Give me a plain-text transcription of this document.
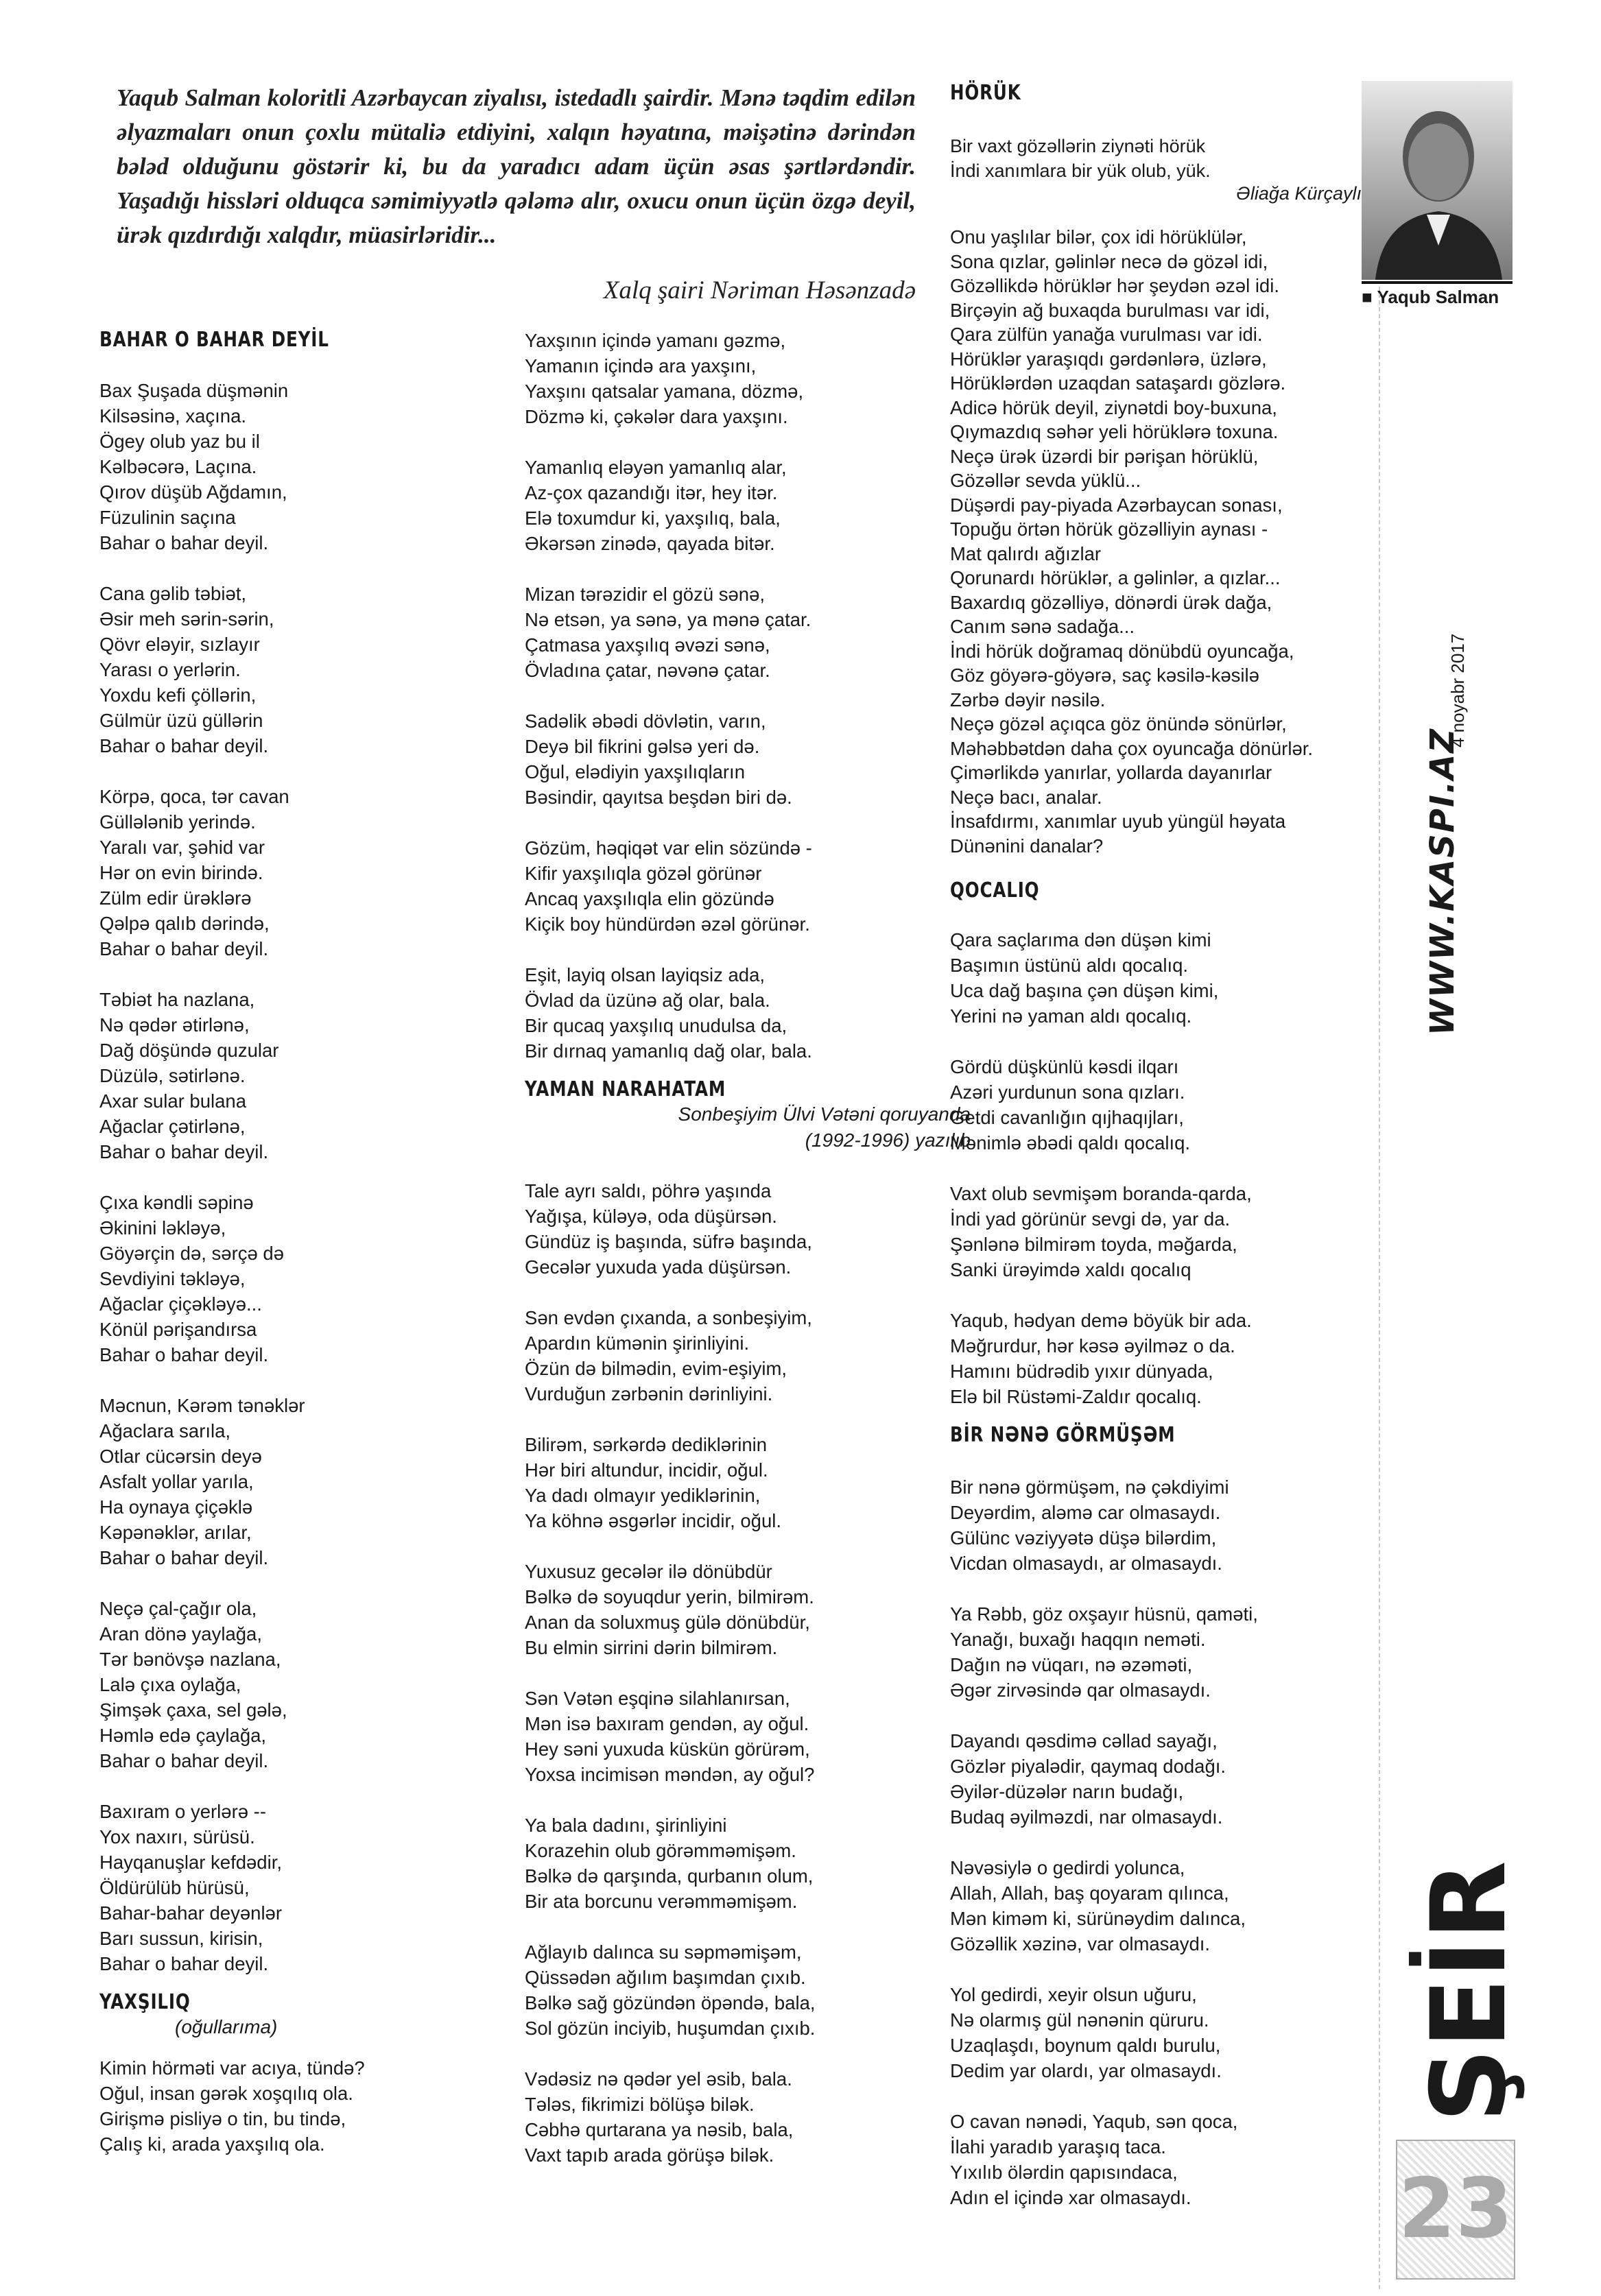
Yaqub Salman koloritli Azərbaycan ziyalısı, istedadlı şairdir. Mənə təqdim edilən əlyazmaları onun çoxlu mütaliə etdiyini, xalqın həyatına, məişətinə dərindən bələd olduğunu göstərir ki, bu da yaradıcı adam üçün əsas şərtlərdəndir. Yaşadığı hissləri olduqca səmimiyyətlə qələmə alır, oxucu onun üçün özgə deyil, ürək qızdırdığı xalqdır, müasirləridir...
Xalq şairi Nəriman Həsənzadə
BAHAR O BAHAR DEYİL

Bax Şuşada düşmənin
Kilsəsinə, xaçına.
Ögey olub yaz bu il
Kəlbəcərə, Laçına.
Qırov düşüb Ağdamın,
Füzulinin saçına
Bahar o bahar deyil.

Cana gəlib təbiət,
Əsir meh sərin-sərin,
Qövr eləyir, sızlayır
Yarası o yerlərin.
Yoxdu kefi çöllərin,
Gülmür üzü güllərin
Bahar o bahar deyil.

Körpə, qoca, tər cavan
Güllələnib yerində.
Yaralı var, şəhid var
Hər on evin birində.
Zülm edir ürəklərə
Qəlpə qalıb dərində,
Bahar o bahar deyil.

Təbiət ha nazlana,
Nə qədər ətirlənə,
Dağ döşündə quzular
Düzülə, sətirlənə.
Axar sular bulana
Ağaclar çətirlənə,
Bahar o bahar deyil.

Çıxa kəndli səpinə
Əkinini ləkləyə,
Göyərçin də, sərçə də
Sevdiyini təkləyə,
Ağaclar çiçəkləyə...
Könül pərişandırsa
Bahar o bahar deyil.

Məcnun, Kərəm tənəklər
Ağaclara sarıla,
Otlar cücərsin deyə
Asfalt yollar yarıla,
Ha oynaya çiçəklə
Kəpənəklər, arılar,
Bahar o bahar deyil.

Neçə çal-çağır ola,
Aran dönə yaylağa,
Tər bənövşə nazlana,
Lalə çıxa oylağa,
Şimşək çaxa, sel gələ,
Həmlə edə çaylağa,
Bahar o bahar deyil.

Baxıram o yerlərə --
Yox naxırı, sürüsü.
Hayqanuşlar kefdədir,
Öldürülüb hürüsü,
Bahar-bahar deyənlər
Barı sussun, kirisin,
Bahar o bahar deyil.

YAXŞILIQ

(oğullarıma)

Kimin hörməti var acıya, tündə?
Oğul, insan gərək xoşqılıq ola.
Girişmə pisliyə o tin, bu tində,
Çalış ki, arada yaxşılıq ola.

Yaxşının içində yamanı gəzmə,
Yamanın içində ara yaxşını,
Yaxşını qatsalar yamana, dözmə,
Dözmə ki, çəkələr dara yaxşını.

Yamanlıq eləyən yamanlıq alar,
Az-çox qazandığı itər, hey itər.
Elə toxumdur ki, yaxşılıq, bala,
Əkərsən zinədə, qayada bitər.

Mizan tərəzidir el gözü sənə,
Nə etsən, ya sənə, ya mənə çatar.
Çatmasa yaxşılıq əvəzi sənə,
Övladına çatar, nəvənə çatar.

Sadəlik əbədi dövlətin, varın,
Deyə bil fikrini gəlsə yeri də.
Oğul, elədiyin yaxşılıqların
Bəsindir, qayıtsa beşdən biri də.

Gözüm, həqiqət var elin sözündə -
Kifir yaxşılıqla gözəl görünər
Ancaq yaxşılıqla elin gözündə
Kiçik boy hündürdən əzəl görünər.

Eşit, layiq olsan layiqsiz ada,
Övlad da üzünə ağ olar, bala.
Bir qucaq yaxşılıq unudulsa da,
Bir dırnaq yamanlıq dağ olar, bala.

YAMAN NARAHATAM

Sonbeşiyim Ülvi Vətəni qoruyanda
(1992-1996) yazılıb

Tale ayrı saldı, pöhrə yaşında
Yağışa, küləyə, oda düşürsən.
Gündüz iş başında, süfrə başında,
Gecələr yuxuda yada düşürsən.

Sən evdən çıxanda, a sonbeşiyim,
Apardın kümənin şirinliyini.
Özün də bilmədin, evim-eşiyim,
Vurduğun zərbənin dərinliyini.

Bilirəm, sərkərdə dediklərinin
Hər biri altundur, incidir, oğul.
Ya dadı olmayır yediklərinin,
Ya köhnə əsgərlər incidir, oğul.

Yuxusuz gecələr ilə dönübdür
Bəlkə də soyuqdur yerin, bilmirəm.
Anan da soluxmuş gülə dönübdür,
Bu elmin sirrini dərin bilmirəm.

Sən Vətən eşqinə silahlanırsan,
Mən isə baxıram gendən, ay oğul.
Hey səni yuxuda küskün görürəm,
Yoxsa incimisən məndən, ay oğul?

Ya bala dadını, şirinliyini
Korazehin olub görəmməmişəm.
Bəlkə də qarşında, qurbanın olum,
Bir ata borcunu verəmməmişəm.

Ağlayıb dalınca su səpməmişəm,
Qüssədən ağılım başımdan çıxıb.
Bəlkə sağ gözündən öpəndə, bala,
Sol gözün inciyib, huşumdan çıxıb.

Vədəsiz nə qədər yel əsib, bala.
Tələs, fikrimizi bölüşə bilək.
Cəbhə qurtarana ya nəsib, bala,
Vaxt tapıb arada görüşə bilək.

HÖRÜK

Bir vaxt gözəllərin ziynəti hörük
İndi xanımlara bir yük olub, yük.

Əliağa Kürçaylı

Onu yaşlılar bilər, çox idi hörüklülər,
Sona qızlar, gəlinlər necə də gözəl idi,
Gözəllikdə hörüklər hər şeydən əzəl idi.
Birçəyin ağ buxaqda burulması var idi,
Qara zülfün yanağa vurulması var idi.
Hörüklər yaraşıqdı gərdənlərə, üzlərə,
Hörüklərdən uzaqdan sataşardı gözlərə.
Adicə hörük deyil, ziynətdi boy-buxuna,
Qıymazdıq səhər yeli hörüklərə toxuna.
Neçə ürək üzərdi bir pərişan hörüklü,
Gözəllər sevda yüklü...
Düşərdi pay-piyada Azərbaycan sonası,
Topuğu örtən hörük gözəlliyin aynası -
Mat qalırdı ağızlar
Qorunardı hörüklər, a gəlinlər, a qızlar...
Baxardıq gözəlliyə, dönərdi ürək dağa,
Canım sənə sadağa...
İndi hörük doğramaq dönübdü oyuncağa,
Göz göyərə-göyərə, saç kəsilə-kəsilə
Zərbə dəyir nəsilə.
Neçə gözəl açıqca göz önündə sönürlər,
Məhəbbətdən daha çox oyuncağa dönürlər.
Çimərlikdə yanırlar, yollarda dayanırlar
Neçə bacı, analar.
İnsafdırmı, xanımlar uyub yüngül həyata
Dünənini danalar?

QOCALIQ

Qara saçlarıma dən düşən kimi
Başımın üstünü aldı qocalıq.
Uca dağ başına çən düşən kimi,
Yerini nə yaman aldı qocalıq.

Gördü düşkünlü kəsdi ilqarı
Azəri yurdunun sona qızları.
Getdi cavanlığın qıjhaqıjları,
Mənimlə əbədi qaldı qocalıq.

Vaxt olub sevmişəm boranda-qarda,
İndi yad görünür sevgi də, yar da.
Şənlənə bilmirəm toyda, məğarda,
Sanki ürəyimdə xaldı qocalıq

Yaqub, hədyan demə böyük bir ada.
Məğrurdur, hər kəsə əyilməz o da.
Hamını büdrədib yıxır dünyada,
Elə bil Rüstəmi-Zaldır qocalıq.

BİR NƏNƏ GÖRMÜŞƏM

Bir nənə görmüşəm, nə çəkdiyimi
Deyərdim, aləmə car olmasaydı.
Gülünc vəziyyətə düşə bilərdim,
Vicdan olmasaydı, ar olmasaydı.

Ya Rəbb, göz oxşayır hüsnü, qaməti,
Yanağı, buxağı haqqın neməti.
Dağın nə vüqarı, nə əzəməti,
Əgər zirvəsində qar olmasaydı.

Dayandı qəsdimə cəllad sayağı,
Gözlər piyalədir, qaymaq dodağı.
Əyilər-düzələr narın budağı,
Budaq əyilməzdi, nar olmasaydı.

Nəvəsiylə o gedirdi yolunca,
Allah, Allah, baş qoyaram qılınca,
Mən kiməm ki, sürünəydim dalınca,
Gözəllik xəzinə, var olmasaydı.

Yol gedirdi, xeyir olsun uğuru,
Nə olarmış gül nənənin qüruru.
Uzaqlaşdı, boynum qaldı burulu,
Dedim yar olardı, yar olmasaydı.

O cavan nənədi, Yaqub, sən qoca,
İlahi yaradıb yaraşıq taca.
Yıxılıb ölərdin qapısındaca,
Adın el içində xar olmasaydı.

■ Yaqub Salman
4 noyabr 2017
WWW.KASPI.AZ
ŞEİR
23
